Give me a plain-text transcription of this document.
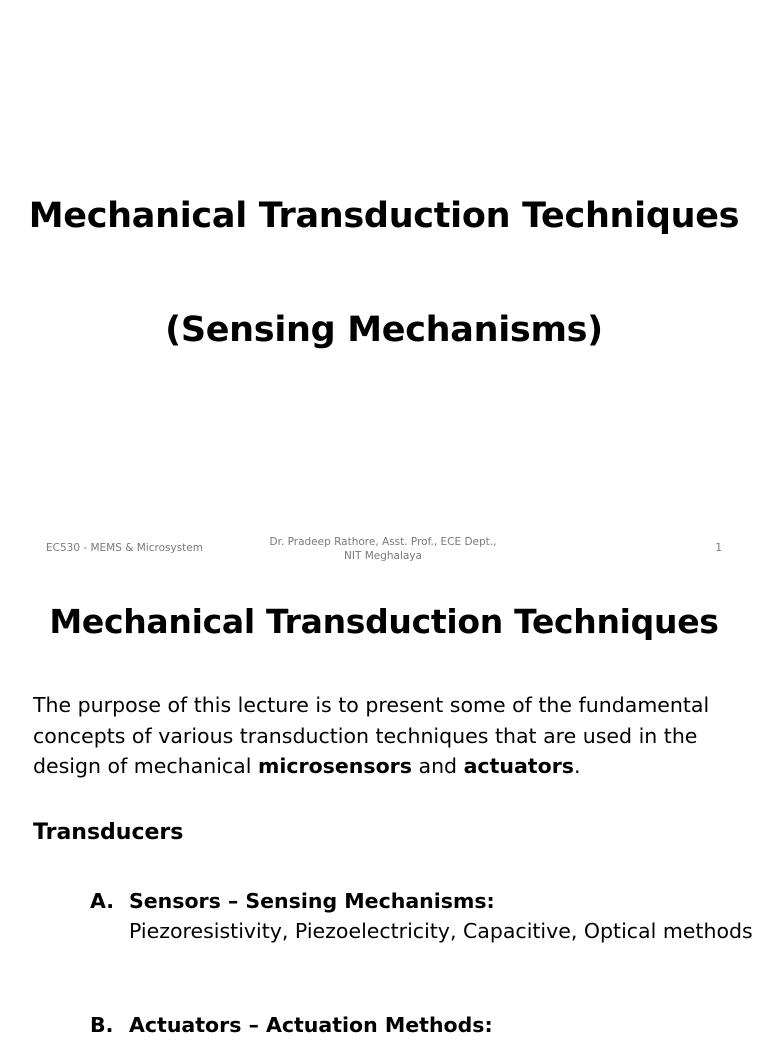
Mechanical Transduction Techniques
(Sensing Mechanisms)
EC530 - MEMS & Microsystem	Dr. Pradeep Rathore, Asst. Prof., ECE Dept.,
NIT Meghalaya
1
Mechanical Transduction Techniques
The purpose of this lecture is to present some of the fundamental concepts of various transduction techniques that are used in the design of mechanical microsensors and actuators.
Transducers
A. Sensors – Sensing Mechanisms:
Piezoresistivity, Piezoelectricity, Capacitive, Optical methods
B. Actuators – Actuation Methods:
